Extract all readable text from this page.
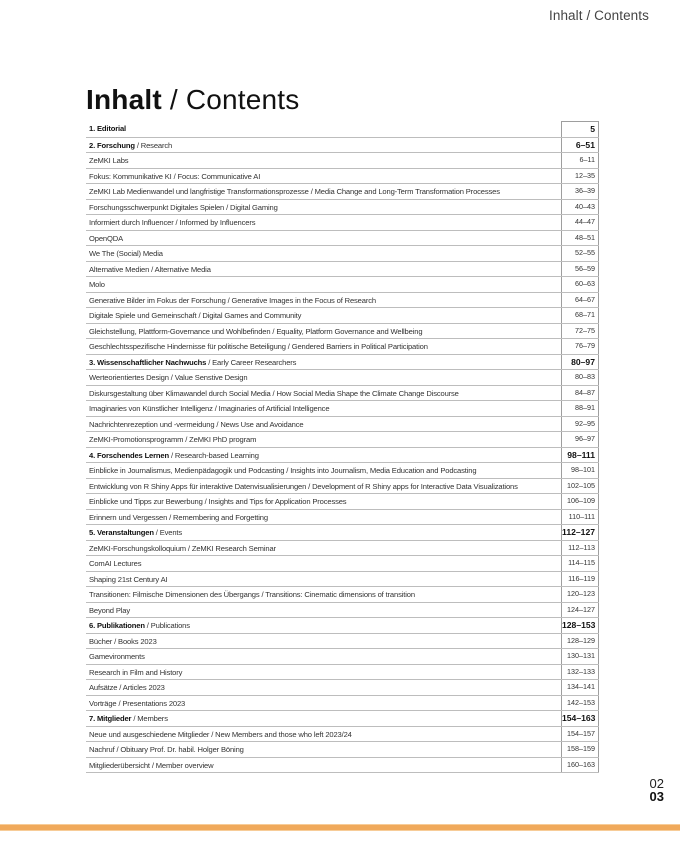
Inhalt / Contents
Inhalt / Contents
1. Editorial	5
2. Forschung / Research	6–51
ZeMKI Labs	6–11
Fokus: Kommunikative KI / Focus: Communicative AI	12–35
ZeMKI Lab Medienwandel und langfristige Transformationsprozesse / Media Change and Long-Term Transformation Processes	36–39
Forschungsschwerpunkt Digitales Spielen / Digital Gaming	40–43
Informiert durch Influencer / Informed by Influencers	44–47
OpenQDA	48–51
We The (Social) Media	52–55
Alternative Medien / Alternative Media	56–59
Molo	60–63
Generative Bilder im Fokus der Forschung / Generative Images in the Focus of Research	64–67
Digitale Spiele und Gemeinschaft / Digital Games and Community	68–71
Gleichstellung, Plattform-Governance und Wohlbefinden / Equality, Platform Governance and Wellbeing	72–75
Geschlechtsspezifische Hindernisse für politische Beteiligung / Gendered Barriers in Political Participation	76–79
3. Wissenschaftlicher Nachwuchs / Early Career Researchers	80–97
Werteorientiertes Design / Value Senstive Design	80–83
Diskursgestaltung über Klimawandel durch Social Media / How Social Media Shape the Climate Change Discourse	84–87
Imaginaries von Künstlicher Intelligenz / Imaginaries of Artificial Intelligence	88–91
Nachrichtenrezeption und -vermeidung / News Use and Avoidance	92–95
ZeMKI-Promotionsprogramm / ZeMKI PhD program	96–97
4. Forschendes Lernen / Research-based Learning	98–111
Einblicke in Journalismus, Medienpädagogik und Podcasting / Insights into Journalism, Media Education and Podcasting	98–101
Entwicklung von R Shiny Apps für interaktive Datenvisualisierungen / Development of R Shiny apps for Interactive Data Visualizations	102–105
Einblicke und Tipps zur Bewerbung / Insights and Tips for Application Processes	106–109
Erinnern und Vergessen / Remembering and Forgetting	110–111
5. Veranstaltungen / Events	112–127
ZeMKI-Forschungskolloquium / ZeMKI Research Seminar	112–113
ComAI Lectures	114–115
Shaping 21st Century AI	116–119
Transitionen: Filmische Dimensionen des Übergangs / Transitions: Cinematic dimensions of transition	120–123
Beyond Play	124–127
6. Publikationen / Publications	128–153
Bücher / Books 2023	128–129
Gamevironments	130–131
Research in Film and History	132–133
Aufsätze / Articles 2023	134–141
Vorträge / Presentations 2023	142–153
7. Mitglieder / Members	154–163
Neue und ausgeschiedene Mitglieder / New Members and those who left 2023/24	154–157
Nachruf / Obituary Prof. Dr. habil. Holger Böning	158–159
Mitgliederübersicht / Member overview	160–163
02
03
